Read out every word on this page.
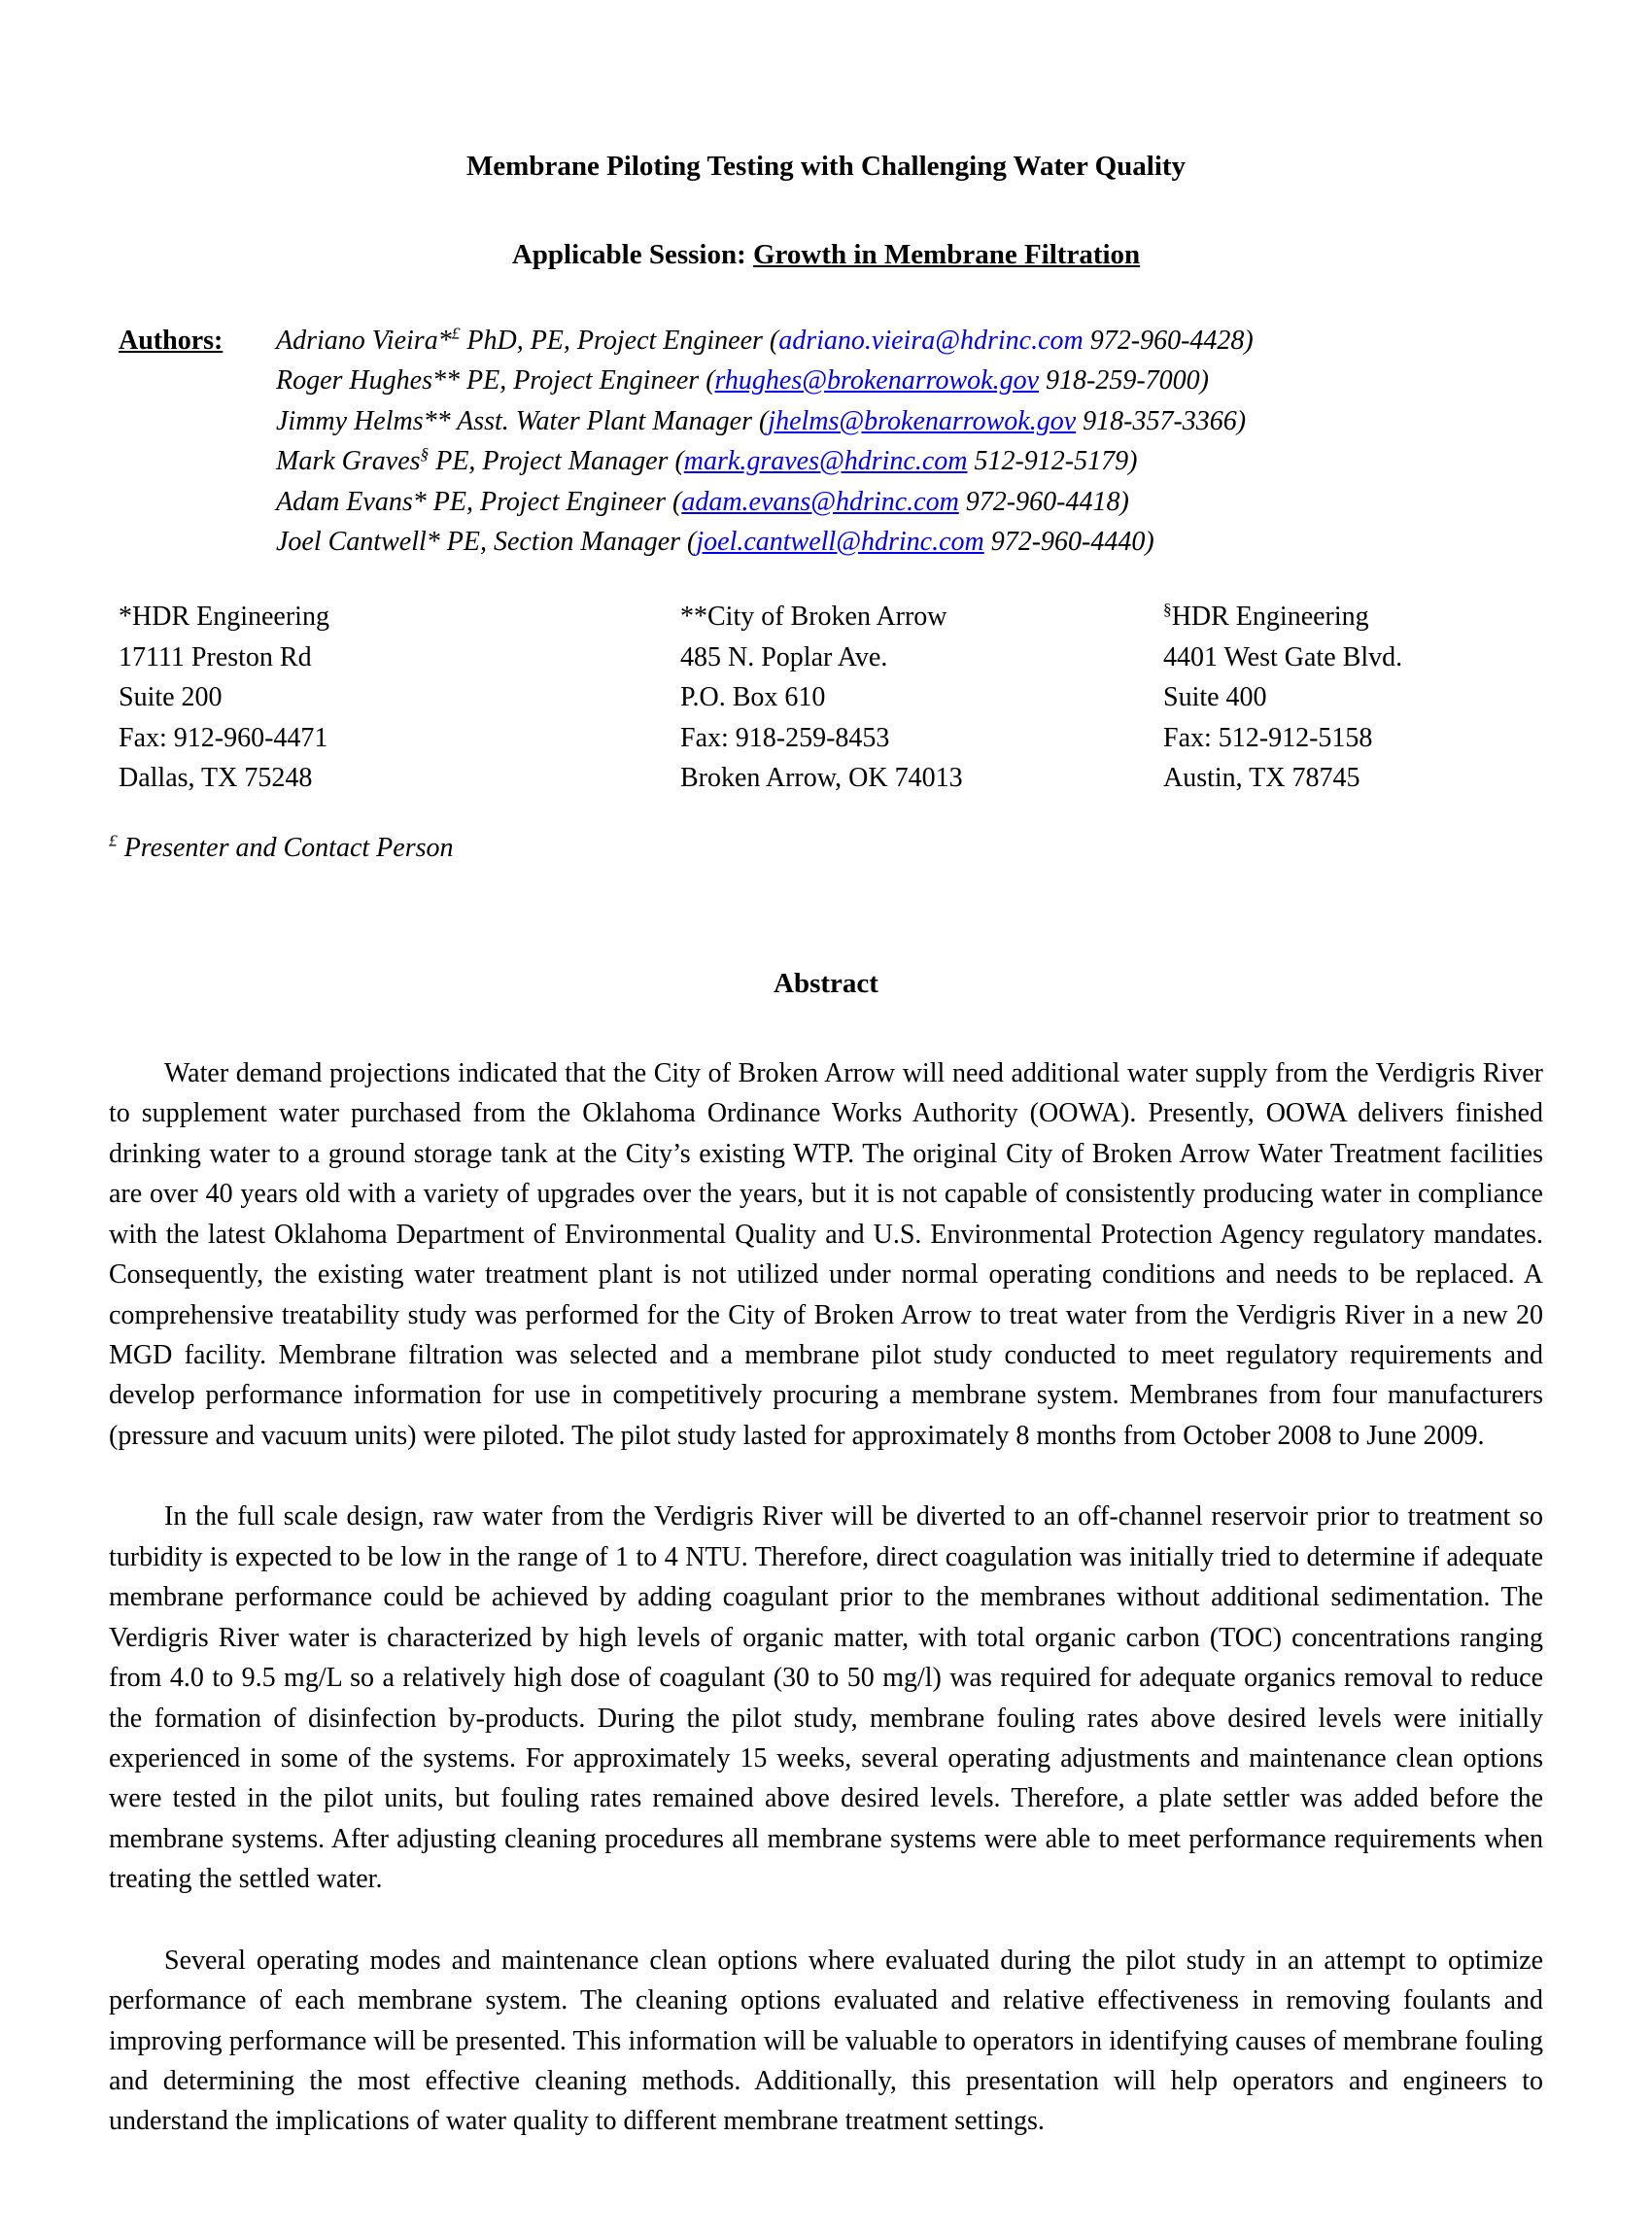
Membrane Piloting Testing with Challenging Water Quality
Applicable Session: Growth in Membrane Filtration
Authors:	Adriano Vieira*£ PhD, PE, Project Engineer (adriano.vieira@hdrinc.com 972-960-4428)
Roger Hughes** PE, Project Engineer (rhughes@brokenarrowok.gov 918-259-7000)
Jimmy Helms** Asst. Water Plant Manager (jhelms@brokenarrowok.gov 918-357-3366)
Mark Graves§ PE, Project Manager (mark.graves@hdrinc.com 512-912-5179)
Adam Evans* PE, Project Engineer (adam.evans@hdrinc.com 972-960-4418)
Joel Cantwell* PE, Section Manager (joel.cantwell@hdrinc.com 972-960-4440)
*HDR Engineering
17111 Preston Rd
Suite 200
Fax: 912-960-4471
Dallas, TX 75248
**City of Broken Arrow
485 N. Poplar Ave.
P.O. Box 610
Fax: 918-259-8453
Broken Arrow, OK 74013
§HDR Engineering
4401 West Gate Blvd.
Suite 400
Fax: 512-912-5158
Austin, TX 78745
£ Presenter and Contact Person
Abstract

Water demand projections indicated that the City of Broken Arrow will need additional water supply from the Verdigris River to supplement water purchased from the Oklahoma Ordinance Works Authority (OOWA). Presently, OOWA delivers finished drinking water to a ground storage tank at the City’s existing WTP. The original City of Broken Arrow Water Treatment facilities are over 40 years old with a variety of upgrades over the years, but it is not capable of consistently producing water in compliance with the latest Oklahoma Department of Environmental Quality and U.S. Environmental Protection Agency regulatory mandates. Consequently, the existing water treatment plant is not utilized under normal operating conditions and needs to be replaced. A comprehensive treatability study was performed for the City of Broken Arrow to treat water from the Verdigris River in a new 20 MGD facility. Membrane filtration was selected and a membrane pilot study conducted to meet regulatory requirements and develop performance information for use in competitively procuring a membrane system. Membranes from four manufacturers (pressure and vacuum units) were piloted. The pilot study lasted for approximately 8 months from October 2008 to June 2009.

In the full scale design, raw water from the Verdigris River will be diverted to an off-channel reservoir prior to treatment so turbidity is expected to be low in the range of 1 to 4 NTU. Therefore, direct coagulation was initially tried to determine if adequate membrane performance could be achieved by adding coagulant prior to the membranes without additional sedimentation. The Verdigris River water is characterized by high levels of organic matter, with total organic carbon (TOC) concentrations ranging from 4.0 to 9.5 mg/L so a relatively high dose of coagulant (30 to 50 mg/l) was required for adequate organics removal to reduce the formation of disinfection by-products. During the pilot study, membrane fouling rates above desired levels were initially experienced in some of the systems. For approximately 15 weeks, several operating adjustments and maintenance clean options were tested in the pilot units, but fouling rates remained above desired levels. Therefore, a plate settler was added before the membrane systems. After adjusting cleaning procedures all membrane systems were able to meet performance requirements when treating the settled water.

Several operating modes and maintenance clean options where evaluated during the pilot study in an attempt to optimize performance of each membrane system. The cleaning options evaluated and relative effectiveness in removing foulants and improving performance will be presented. This information will be valuable to operators in identifying causes of membrane fouling and determining the most effective cleaning methods. Additionally, this presentation will help operators and engineers to understand the implications of water quality to different membrane treatment settings.
